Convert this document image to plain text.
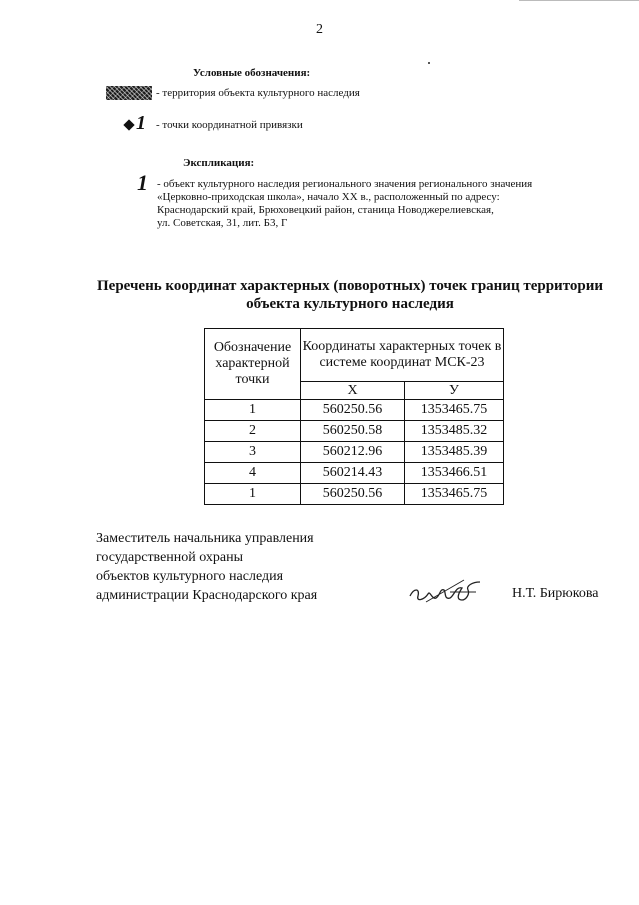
2
Условные обозначения:
- территория объекта культурного наследия
1 - точки координатной привязки
Экспликация:
1 - объект культурного наследия регионального значения регионального значения
«Церковно-приходская школа», начало XX в., расположенный по адресу:
Краснодарский край, Брюховецкий район, станица Новоджерелиевская,
ул. Советская, 31, лит. Б3, Г
Перечень координат характерных (поворотных) точек границ территории
объекта культурного наследия
Обозначение характерной точки	Координаты характерных точек в системе координат МСК-23	
	X	У
1	560250.56	1353465.75
2	560250.58	1353485.32
3	560212.96	1353485.39
4	560214.43	1353466.51
1	560250.56	1353465.75
Заместитель начальника управления
государственной охраны
объектов культурного наследия
администрации Краснодарского края	Н.Т. Бирюкова
